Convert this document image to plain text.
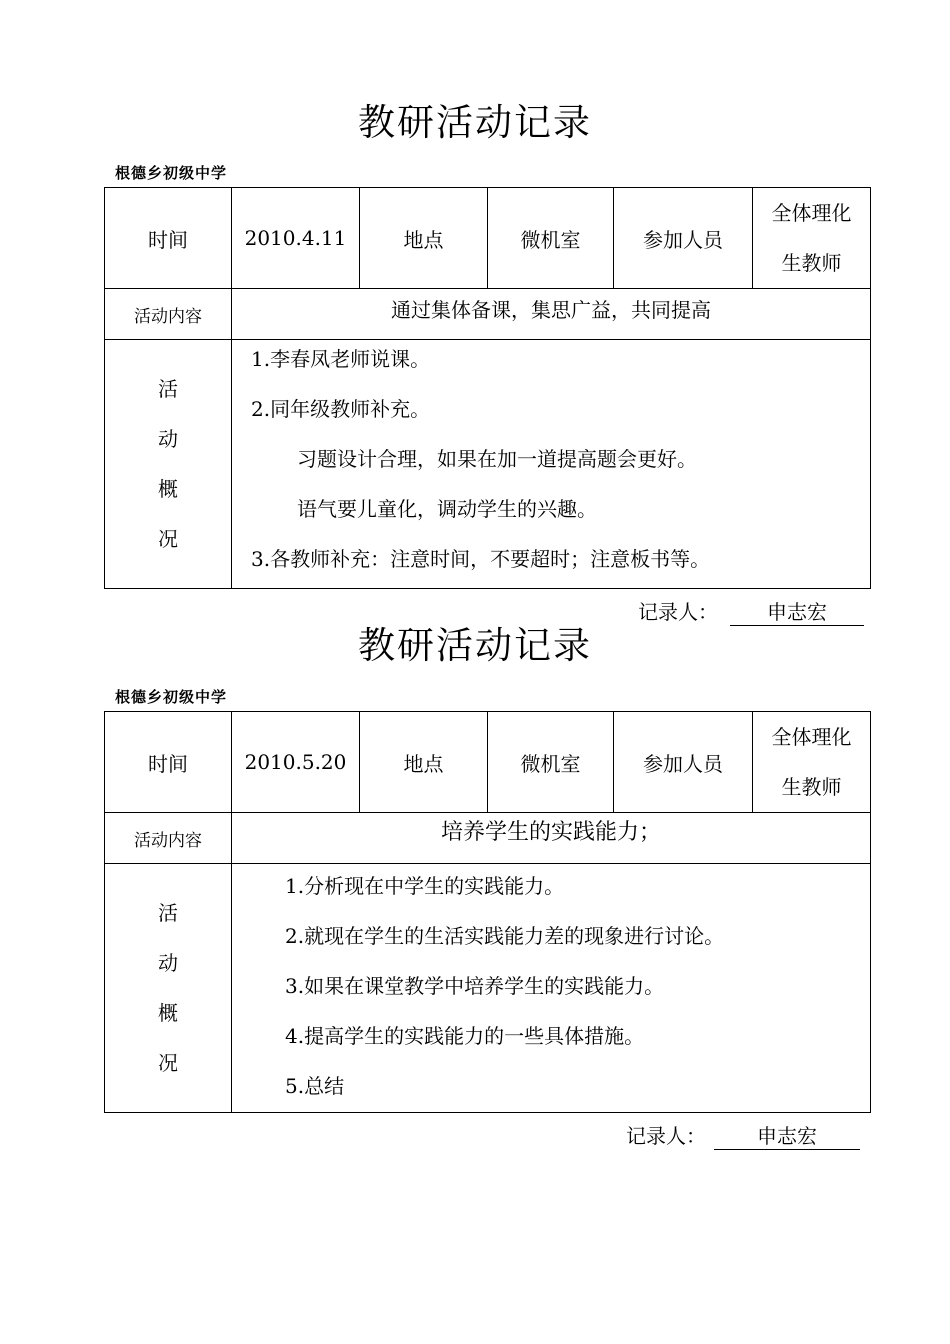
教研活动记录
根德乡初级中学
时间	2010.4.11	地点	微机室	参加人员	全体理化
生教师

活动内容	通过集体备课，集思广益，共同提高				

活
动
概
况	1.李春凤老师说课。
2.同年级教师补充。
习题设计合理，如果在加一道提高题会更好。
语气要儿童化，调动学生的兴趣。
3.各教师补充：注意时间，不要超时；注意板书等。				
记录人： 申志宏
教研活动记录
根德乡初级中学
时间	2010.5.20	地点	微机室	参加人员	全体理化
生教师

活动内容	培养学生的实践能力；				

活
动
概
况	1.分析现在中学生的实践能力。
2.就现在学生的生活实践能力差的现象进行讨论。
3.如果在课堂教学中培养学生的实践能力。
4.提高学生的实践能力的一些具体措施。
5.总结				
记录人：	申志宏
